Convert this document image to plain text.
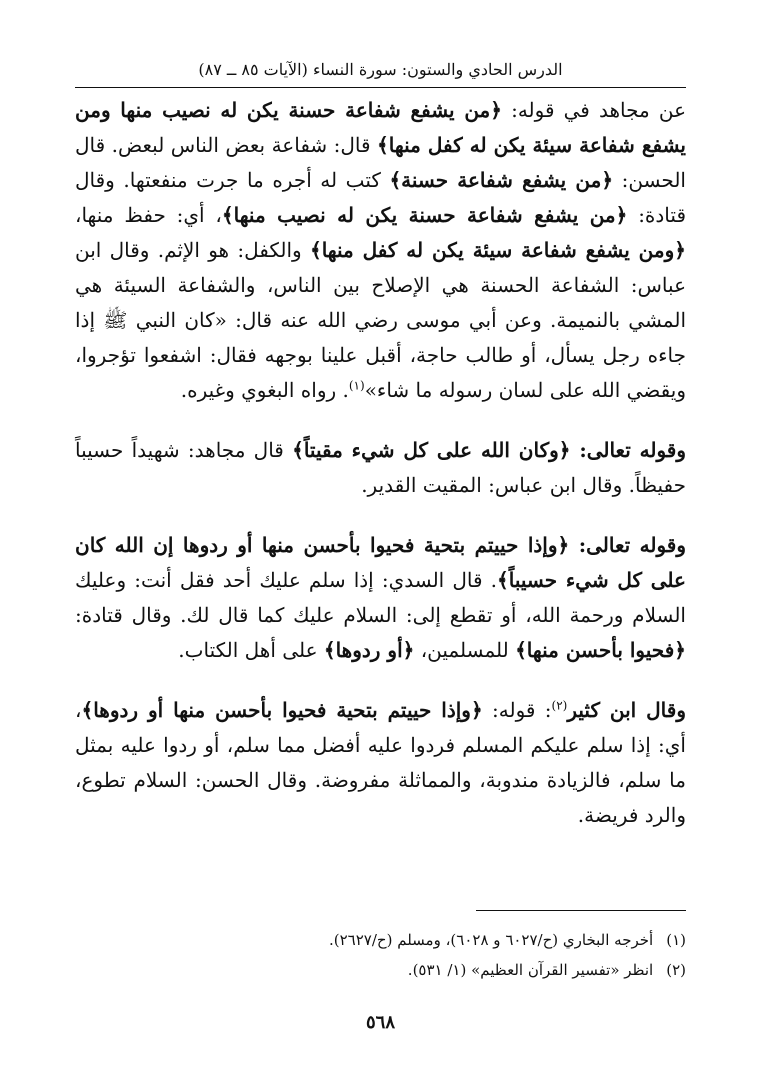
الدرس الحادي والستون: سورة النساء (الآيات ٨٥ ــ ٨٧)

عن مجاهد في قوله: ﴿من يشفع شفاعة حسنة يكن له نصيب منها ومن يشفع شفاعة سيئة يكن له كفل منها﴾ قال: شفاعة بعض الناس لبعض. قال الحسن: ﴿من يشفع شفاعة حسنة﴾ كتب له أجره ما جرت منفعتها. وقال قتادة: ﴿من يشفع شفاعة حسنة يكن له نصيب منها﴾، أي: حفظ منها، ﴿ومن يشفع شفاعة سيئة يكن له كفل منها﴾ والكفل: هو الإثم. وقال ابن عباس: الشفاعة الحسنة هي الإصلاح بين الناس، والشفاعة السيئة هي المشي بالنميمة. وعن أبي موسى رضي الله عنه قال: «كان النبي ﷺ إذا جاءه رجل يسأل، أو طالب حاجة، أقبل علينا بوجهه فقال: اشفعوا تؤجروا، ويقضي الله على لسان رسوله ما شاء»$^{(١)}$. رواه البغوي وغيره.

وقوله تعالى: ﴿وكان الله على كل شيء مقيتاً﴾ قال مجاهد: شهيداً حسيباً حفيظاً. وقال ابن عباس: المقيت القدير.

وقوله تعالى: ﴿وإذا حييتم بتحية فحيوا بأحسن منها أو ردوها إن الله كان على كل شيء حسيباً﴾. قال السدي: إذا سلم عليك أحد فقل أنت: وعليك السلام ورحمة الله، أو تقطع إلى: السلام عليك كما قال لك. وقال قتادة: ﴿فحيوا بأحسن منها﴾ للمسلمين، ﴿أو ردوها﴾ على أهل الكتاب.

وقال ابن كثير$^{(٢)}$: قوله: ﴿وإذا حييتم بتحية فحيوا بأحسن منها أو ردوها﴾، أي: إذا سلم عليكم المسلم فردوا عليه أفضل مما سلم، أو ردوا عليه بمثل ما سلم، فالزيادة مندوبة، والمماثلة مفروضة. وقال الحسن: السلام تطوع، والرد فريضة.

(١) أخرجه البخاري (ح/٦٠٢٧ و ٦٠٢٨)، ومسلم (ح/٢٦٢٧).

(٢) انظر «تفسير القرآن العظيم» (١/ ٥٣١).

٥٦٨
